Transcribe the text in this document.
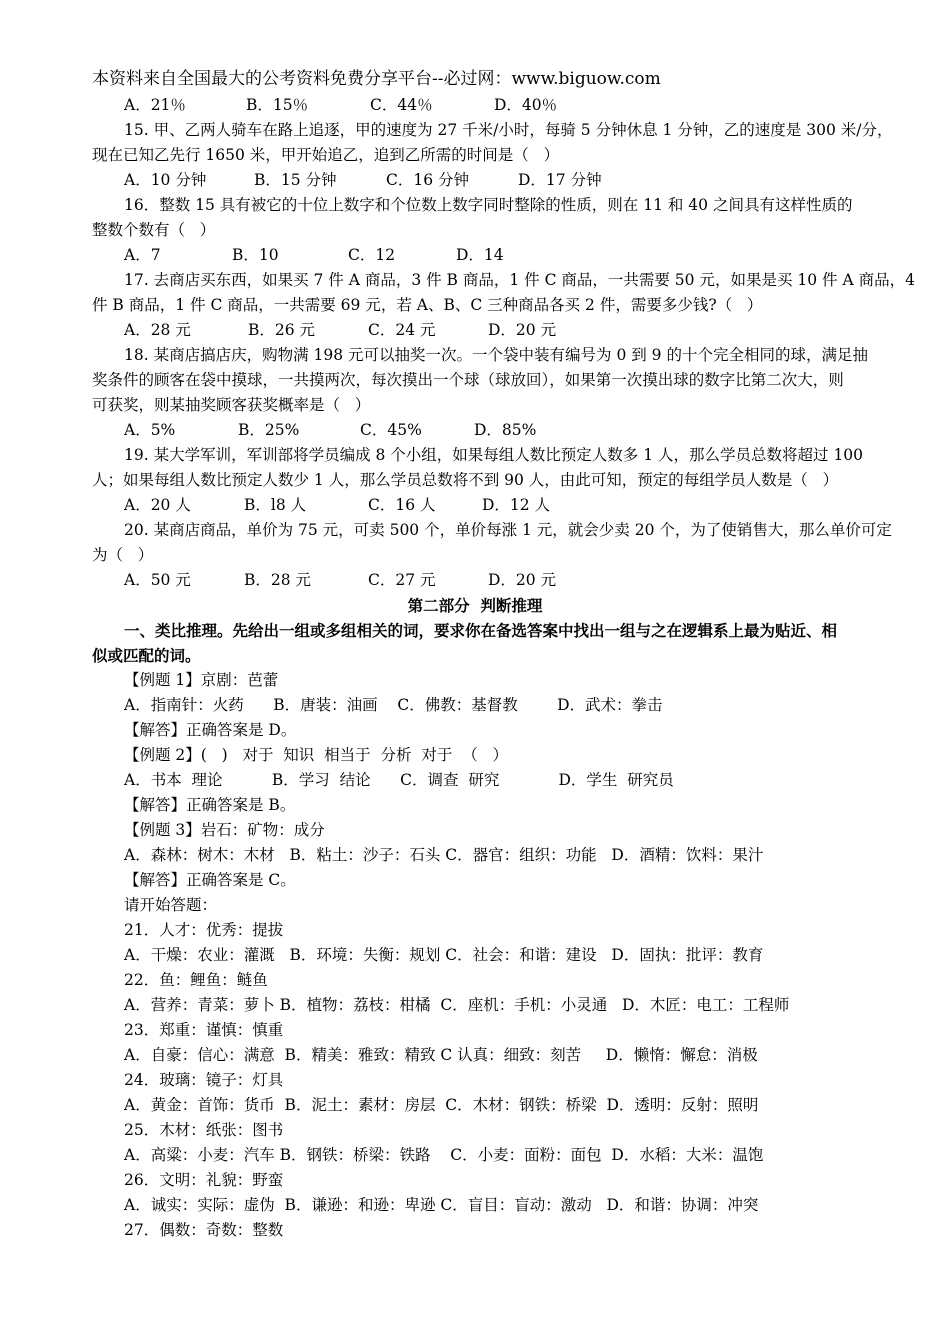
本资料来自全国最大的公考资料免费分享平台--必过网：www.biguow.com

A．21％

	B．15％

	C．44％

	D．40％

15. 甲、乙两人骑车在路上追逐，甲的速度为 27 千米/小时，每骑 5 分钟休息 1 分钟，乙的速度是 300 米/分，

现在已知乙先行 1650 米，甲开始追乙，追到乙所需的时间是（   ）

A．10 分钟

	B．15 分钟

	C．16 分钟

	D．17 分钟

16．整数 15 具有被它的十位上数字和个位数上数字同时整除的性质，则在 11 和 40 之间具有这样性质的

整数个数有（   ）

A．7

	B．10

	C．12

	D．14

17. 去商店买东西，如果买 7 件 A 商品，3 件 B 商品，1 件 C 商品，一共需要 50 元，如果是买 10 件 A 商品，4

件 B 商品，1 件 C 商品，一共需要 69 元，若 A、B、C 三种商品各买 2 件，需要多少钱?（   ）

A．28 元

	B．26 元

	C．24 元

	D．20 元

18. 某商店搞店庆，购物满 198 元可以抽奖一次。一个袋中装有编号为 0 到 9 的十个完全相同的球，满足抽

奖条件的顾客在袋中摸球，一共摸两次，每次摸出一个球（球放回），如果第一次摸出球的数字比第二次大，则

可获奖，则某抽奖顾客获奖概率是（   ）

A．5%

	B．25%

	C．45%

	D．85%

19. 某大学军训，军训部将学员编成 8 个小组，如果每组人数比预定人数多 1 人，那么学员总数将超过 100

人；如果每组人数比预定人数少 1 人，那么学员总数将不到 90 人，由此可知，预定的每组学员人数是（   ）

A．20 人

	B．l8 人

	C．16 人

	D．12 人

20. 某商店商品，单价为 75 元，可卖 500 个，单价每涨 1 元，就会少卖 20 个，为了使销售大，那么单价可定

为（   ）

A．50 元

	B．28 元

	C．27 元

	D．20 元

第二部分  判断推理

一、类比推理。先给出一组或多组相关的词，要求你在备选答案中找出一组与之在逻辑系上最为贴近、相

似或匹配的词。

【例题 1】京剧：芭蕾

A．指南针：火药      B．唐装：油画    C．佛教：基督教        D．武术：拳击

【解答】正确答案是 D。

【例题 2】(   )   对于  知识  相当于  分析  对于  （   ）

A．书本  理论          B．学习  结论      C．调查  研究            D．学生  研究员

【解答】正确答案是 B。

【例题 3】岩石：矿物：成分

A．森林：树木：木材   B．粘土：沙子：石头 C．器官：组织：功能   D．酒精：饮料：果汁

【解答】正确答案是 C。

请开始答题：

21．人才：优秀：提拔

A．干燥：农业：灌溉   B．环境：失衡：规划 C．社会：和谐：建设   D．固执：批评：教育

22．鱼：鲤鱼：鲢鱼

A．营养：青菜：萝卜 B．植物：荔枝：柑橘  C．座机：手机：小灵通   D．木匠：电工：工程师

23．郑重：谨慎：慎重

A．自豪：信心：满意  B．精美：雅致：精致 C 认真：细致：刻苦     D．懒惰：懈怠：消极

24．玻璃：镜子：灯具

A．黄金：首饰：货币  B．泥土：素材：房层  C．木材：钢铁：桥梁  D．透明：反射：照明

25．木材：纸张：图书

A．高粱：小麦：汽车 B．钢铁：桥梁：铁路    C．小麦：面粉：面包  D．水稻：大米：温饱

26．文明：礼貌：野蛮

A．诚实：实际：虚伪  B．谦逊：和逊：卑逊 C．盲目：盲动：激动   D．和谐：协调：冲突

27．偶数：奇数：整数
